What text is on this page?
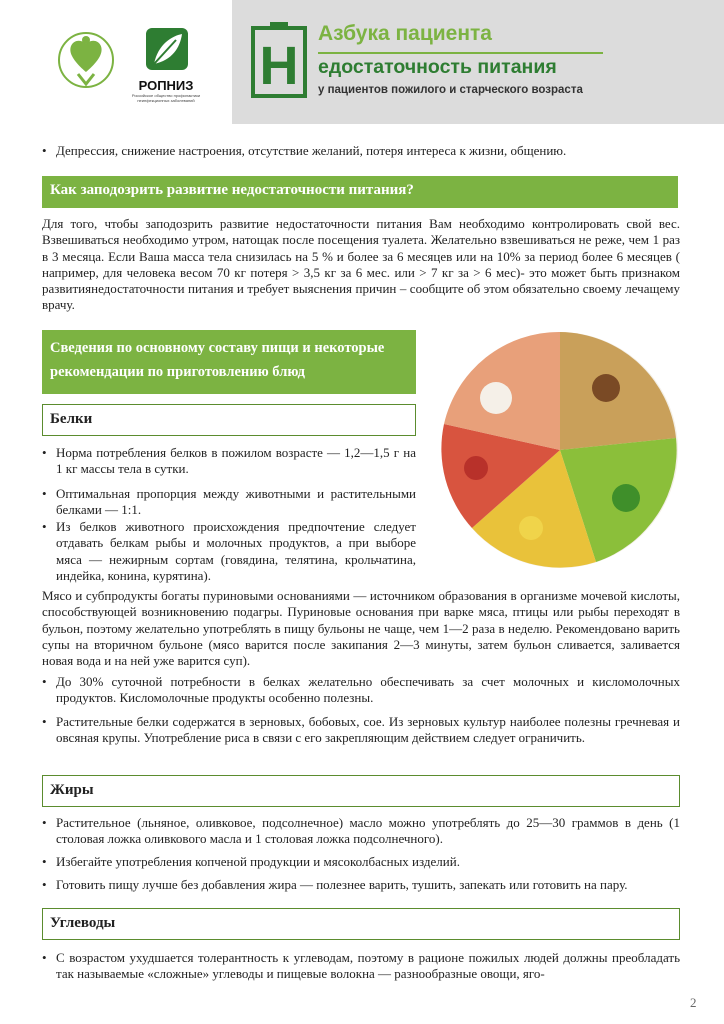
РОПНИЗ
Российское общество профилактики неинфекционных заболеваний
Н
Азбука пациента
едостаточность питания
у пациентов пожилого и старческого возраста
• Депрессия, снижение настроения, отсутствие желаний, потеря интереса к жизни, общению.
Как заподозрить развитие недостаточности питания?
Для того, чтобы заподозрить развитие недостаточности питания Вам необходимо контролировать свой вес. Взвешиваться необходимо утром, натощак после посещения туалета. Желательно взвешиваться не реже, чем 1 раз в 3 месяца. Если Ваша масса тела снизилась на 5 % и более за 6 месяцев или на 10% за период более 6 месяцев ( например, для человека весом 70 кг потеря > 3,5 кг за 6 мес. или > 7 кг за > 6 мес)- это может быть признаком развитиянедостаточности питания и требует выяснения причин – сообщите об этом обязательно своему лечащему врачу.
Сведения по основному составу пищи и некоторые рекомендации по приготовлению блюд
Белки
• Норма потребления белков в пожилом возрасте — 1,2—1,5 г на 1 кг массы тела в сутки.
• Оптимальная пропорция между животными и растительными белками — 1:1.
• Из белков животного происхождения предпочтение следует отдавать белкам рыбы и молочных продуктов, а при выборе мяса — нежирным сортам (говядина, телятина, крольчатина, индейка, конина, курятина).
Мясо и субпродукты богаты пуриновыми основаниями — источником образования в организме мочевой кислоты, способствующей возникновению подагры. Пуриновые основания при варке мяса, птицы или рыбы переходят в бульон, поэтому желательно употреблять в пищу бульоны не чаще, чем 1—2 раза в неделю. Рекомендовано варить супы на вторичном бульоне (мясо варится после закипания 2—3 минуты, затем бульон сливается, заливается новая вода и на ней уже варится суп).
• До 30% суточной потребности в белках желательно обеспечивать за счет молочных и кисломолочных продуктов. Кисломолочные продукты особенно полезны.
• Растительные белки содержатся в зерновых, бобовых, сое. Из зерновых культур наиболее полезны гречневая и овсяная крупы. Употребление риса в связи с его закрепляющим действием следует ограничить.
Жиры
• Растительное (льняное, оливковое, подсолнечное) масло можно употреблять до 25—30 граммов в день (1 столовая ложка оливкового масла и 1 столовая ложка подсолнечного).
• Избегайте употребления копченой продукции и мясоколбасных изделий.
• Готовить пищу лучше без добавления жира — полезнее варить, тушить, запекать или готовить на пару.
Углеводы
• С возрастом ухудшается толерантность к углеводам, поэтому в рационе пожилых людей должны преобладать так называемые «сложные» углеводы и пищевые волокна — разнообразные овощи, яго-
2
